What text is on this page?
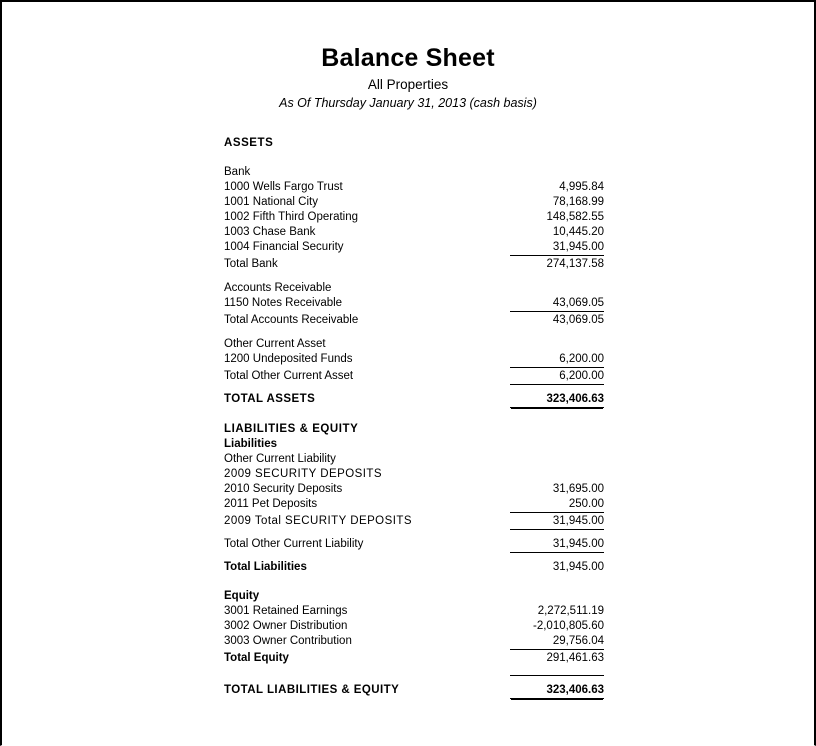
Balance Sheet
All Properties
As Of Thursday January 31, 2013 (cash basis)
ASSETS	

Bank	
1000 Wells Fargo Trust	4,995.84
1001 National City	78,168.99
1002 Fifth Third Operating	148,582.55
1003 Chase Bank	10,445.20
1004 Financial Security	31,945.00
Total Bank	274,137.58

Accounts Receivable	
1150 Notes Receivable	43,069.05
Total Accounts Receivable	43,069.05

Other Current Asset	
1200 Undeposited Funds	6,200.00
Total Other Current Asset	6,200.00

TOTAL ASSETS	323,406.63

LIABILITIES & EQUITY	
Liabilities	
Other Current Liability	
2009 SECURITY DEPOSITS	
2010 Security Deposits	31,695.00
2011 Pet Deposits	250.00
2009 Total SECURITY DEPOSITS	31,945.00

Total Other Current Liability	31,945.00

Total Liabilities	31,945.00

Equity	
3001 Retained Earnings	2,272,511.19
3002 Owner Distribution	-2,010,805.60
3003 Owner Contribution	29,756.04
Total Equity	291,461.63

TOTAL LIABILITIES & EQUITY	323,406.63
